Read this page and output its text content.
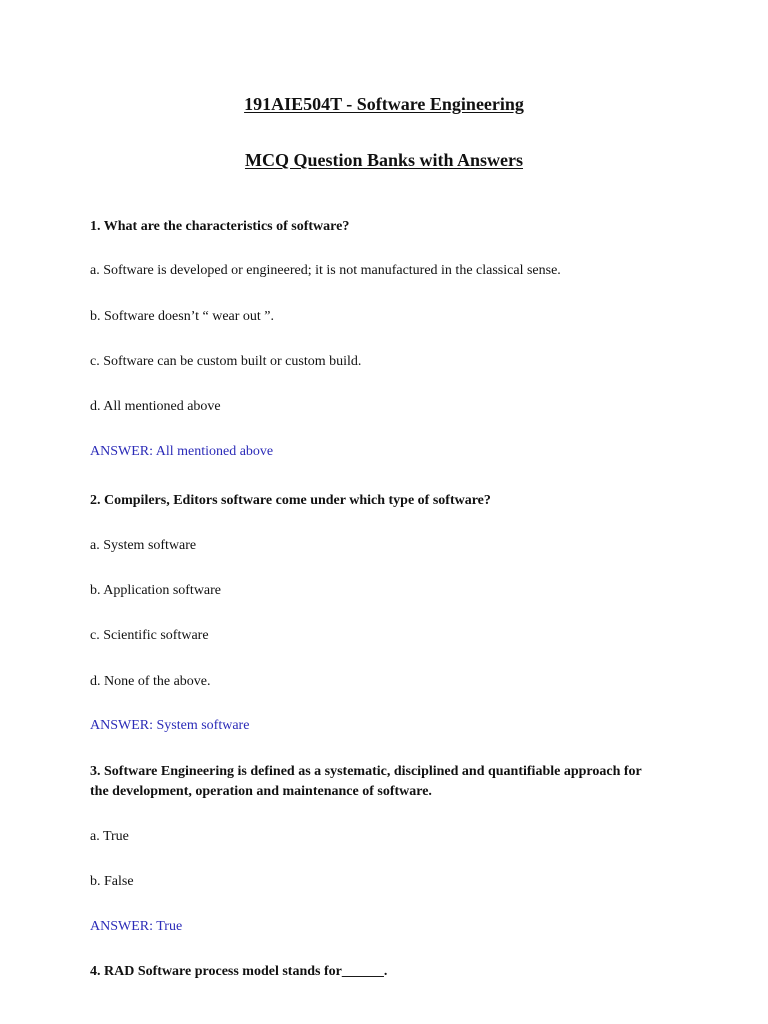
191AIE504T - Software Engineering
MCQ Question Banks with Answers

1. What are the characteristics of software?

a. Software is developed or engineered; it is not manufactured in the classical sense.

b. Software doesn’t “ wear out ”.

c. Software can be custom built or custom build.

d. All mentioned above

ANSWER: All mentioned above

2. Compilers, Editors software come under which type of software?

a. System software

b. Application software

c. Scientific software

d. None of the above.

ANSWER: System software

3. Software Engineering is defined as a systematic, disciplined and quantifiable approach for the development, operation and maintenance of software.

a. True

b. False

ANSWER: True

4. RAD Software process model stands for______.
